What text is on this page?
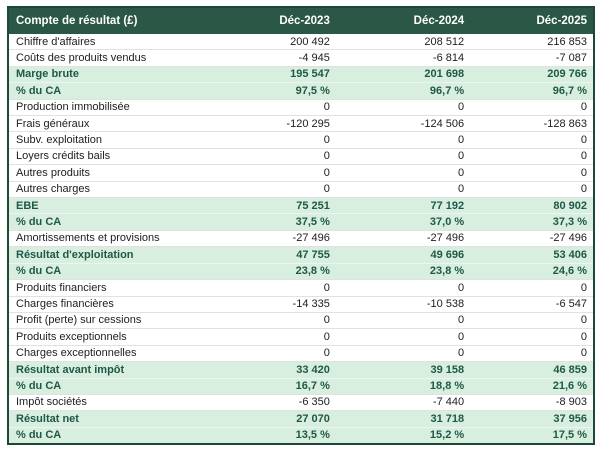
Compte de résultat (£)	Déc-2023	Déc-2024	Déc-2025
Chiffre d'affaires	200 492	208 512	216 853
Coûts des produits vendus	-4 945	-6 814	-7 087
Marge brute	195 547	201 698	209 766
% du CA	97,5 %	96,7 %	96,7 %
Production immobilisée	0	0	0
Frais généraux	-120 295	-124 506	-128 863
Subv. exploitation	0	0	0
Loyers crédits bails	0	0	0
Autres produits	0	0	0
Autres charges	0	0	0
EBE	75 251	77 192	80 902
% du CA	37,5 %	37,0 %	37,3 %
Amortissements et provisions	-27 496	-27 496	-27 496
Résultat d'exploitation	47 755	49 696	53 406
% du CA	23,8 %	23,8 %	24,6 %
Produits financiers	0	0	0
Charges financières	-14 335	-10 538	-6 547
Profit (perte) sur cessions	0	0	0
Produits exceptionnels	0	0	0
Charges exceptionnelles	0	0	0
Résultat avant impôt	33 420	39 158	46 859
% du CA	16,7 %	18,8 %	21,6 %
Impôt sociétés	-6 350	-7 440	-8 903
Résultat net	27 070	31 718	37 956
% du CA	13,5 %	15,2 %	17,5 %
